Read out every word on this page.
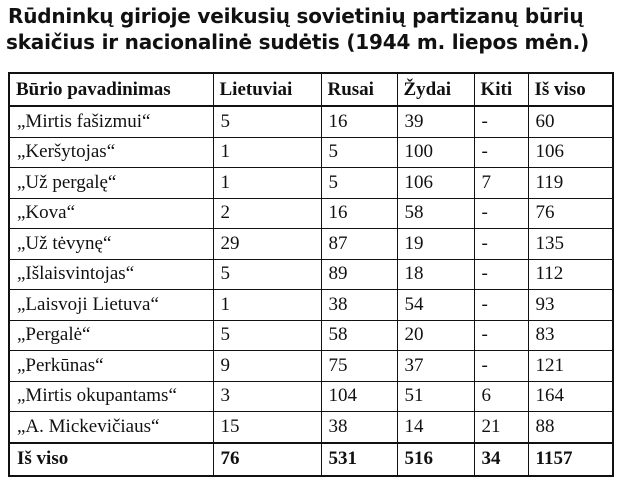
Rūdninkų girioje veikusių sovietinių partizanų būrių
skaičius ir nacionalinė sudėtis (1944 m. liepos mėn.)
Būrio pavadinimas	Lietuviai	Rusai	Žydai	Kiti	Iš viso
„Mirtis fašizmui“	5	16	39	-	60
„Keršytojas“	1	5	100	-	106
„Už pergalę“	1	5	106	7	119
„Kova“	2	16	58	-	76
„Už tėvynę“	29	87	19	-	135
„Išlaisvintojas“	5	89	18	-	112
„Laisvoji Lietuva“	1	38	54	-	93
„Pergalė“	5	58	20	-	83
„Perkūnas“	9	75	37	-	121
„Mirtis okupantams“	3	104	51	6	164
„A. Mickevičiaus“	15	38	14	21	88
Iš viso	76	531	516	34	1157
